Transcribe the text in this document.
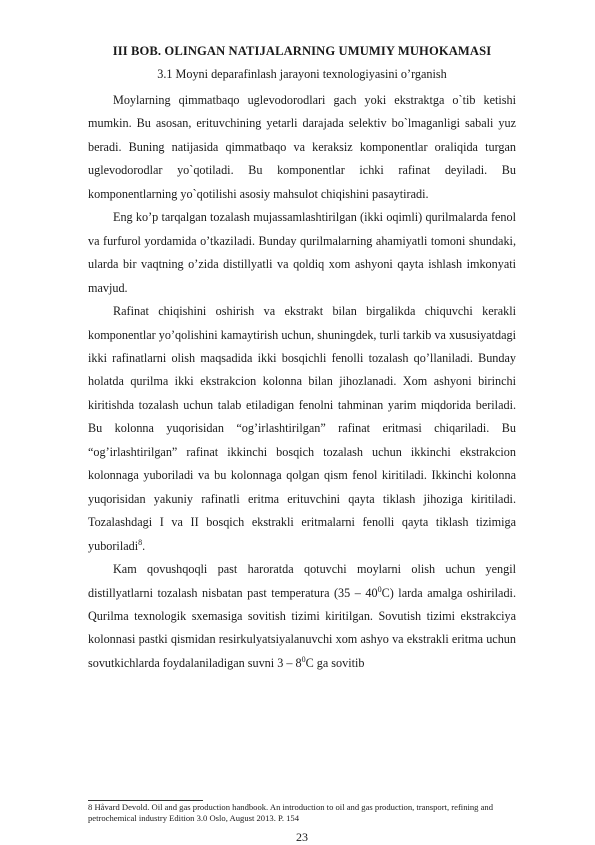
III BOB. OLINGAN NATIJALARNING UMUMIY MUHOKAMASI
3.1 Moyni deparafinlash jarayoni texnologiyasini o’rganish

Moylarning qimmatbaqo uglevodorodlari gach yoki ekstraktga o`tib ketishi mumkin. Bu asosan, erituvchining yetarli darajada selektiv bo`lmaganligi sabali yuz beradi. Buning natijasida qimmatbaqo va keraksiz komponentlar oraliqida turgan uglevodorodlar yo`qotiladi. Bu komponentlar ichki rafinat deyiladi. Bu komponentlarning yo`qotilishi asosiy mahsulot chiqishini pasaytiradi.

Eng ko’p tarqalgan tozalash mujassamlashtirilgan (ikki oqimli) qurilmalarda fenol va furfurol yordamida o’tkaziladi. Bunday qurilmalarning ahamiyatli tomoni shundaki, ularda bir vaqtning o’zida distillyatli va qoldiq xom ashyoni qayta ishlash imkonyati mavjud.

Rafinat chiqishini oshirish va ekstrakt bilan birgalikda chiquvchi kerakli komponentlar yo’qolishini kamaytirish uchun, shuningdek, turli tarkib va xususiyatdagi ikki rafinatlarni olish maqsadida ikki bosqichli fenolli tozalash qo’llaniladi. Bunday holatda qurilma ikki ekstrakcion kolonna bilan jihozlanadi. Xom ashyoni birinchi kiritishda tozalash uchun talab etiladigan fenolni tahminan yarim miqdorida beriladi. Bu kolonna yuqorisidan “og’irlashtirilgan” rafinat eritmasi chiqariladi. Bu “og’irlashtirilgan” rafinat ikkinchi bosqich tozalash uchun ikkinchi ekstrakcion kolonnaga yuboriladi va bu kolonnaga qolgan qism fenol kiritiladi. Ikkinchi kolonna yuqorisidan yakuniy rafinatli eritma erituvchini qayta tiklash jihoziga kiritiladi. Tozalashdagi I va II bosqich ekstrakli eritmalarni fenolli qayta tiklash tizimiga yuboriladi$^8$.

Kam qovushqoqli past haroratda qotuvchi moylarni olish uchun yengil distillyatlarni tozalash nisbatan past temperatura $(35 - 40^0C)$ larda amalga oshiriladi. Qurilma texnologik sxemasiga sovitish tizimi kiritilgan. Sovutish tizimi ekstrakciya kolonnasi pastki qismidan resirkulyatsiyalanuvchi xom ashyo va ekstrakli eritma uchun sovutkichlarda foydalaniladigan suvni $3 - 8^0C$ ga sovitib

8 Håvard Devold. Oil and gas production handbook. An introduction to oil and gas production, transport, refining and petrochemical industry Edition 3.0 Oslo, August 2013. P. 154
23
